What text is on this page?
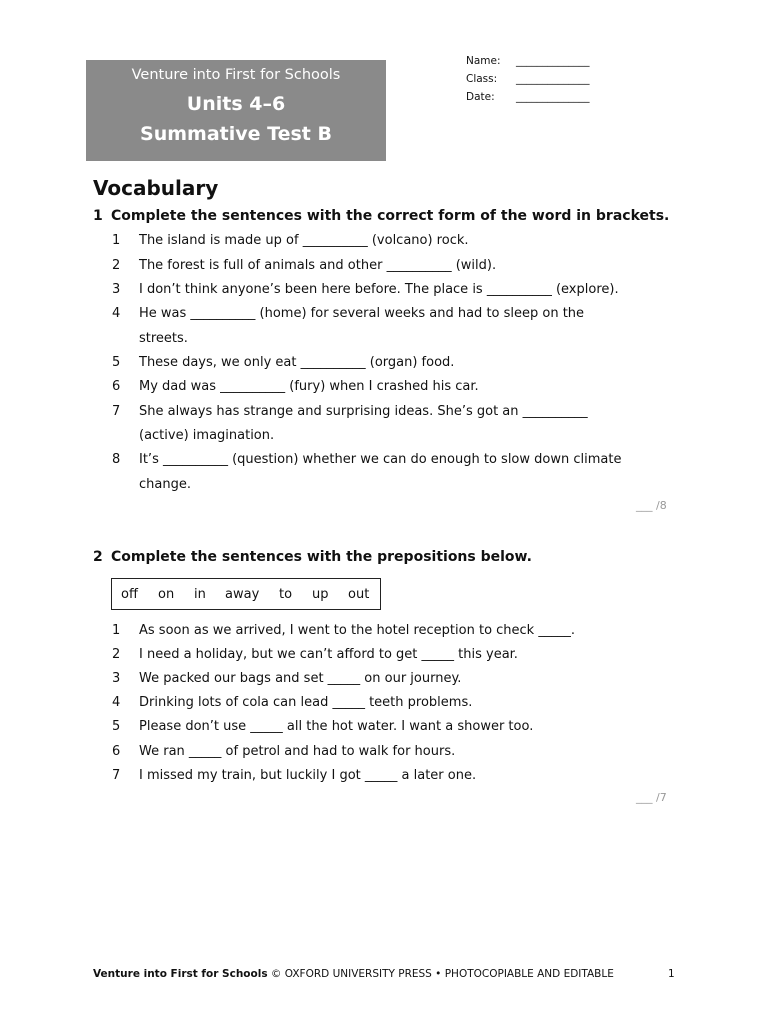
Venture into First for Schools
Units 4–6
Summative Test B
Name: ______________
Class: ______________
Date: ______________
Vocabulary
1 Complete the sentences with the correct form of the word in brackets.
1 The island is made up of __________ (volcano) rock.
2 The forest is full of animals and other __________ (wild).
3 I don’t think anyone’s been here before. The place is __________ (explore).
4 He was __________ (home) for several weeks and had to sleep on the
streets.
5 These days, we only eat __________ (organ) food.
6 My dad was __________ (fury) when I crashed his car.
7 She always has strange and surprising ideas. She’s got an __________
(active) imagination.
8 It’s __________ (question) whether we can do enough to slow down climate
change.
___ /8
2 Complete the sentences with the prepositions below.
off on in away to up out
1 As soon as we arrived, I went to the hotel reception to check _____.
2 I need a holiday, but we can’t afford to get _____ this year.
3 We packed our bags and set _____ on our journey.
4 Drinking lots of cola can lead _____ teeth problems.
5 Please don’t use _____ all the hot water. I want a shower too.
6 We ran _____ of petrol and had to walk for hours.
7 I missed my train, but luckily I got _____ a later one.
___ /7
Venture into First for Schools © OXFORD UNIVERSITY PRESS • PHOTOCOPIABLE AND EDITABLE	1
